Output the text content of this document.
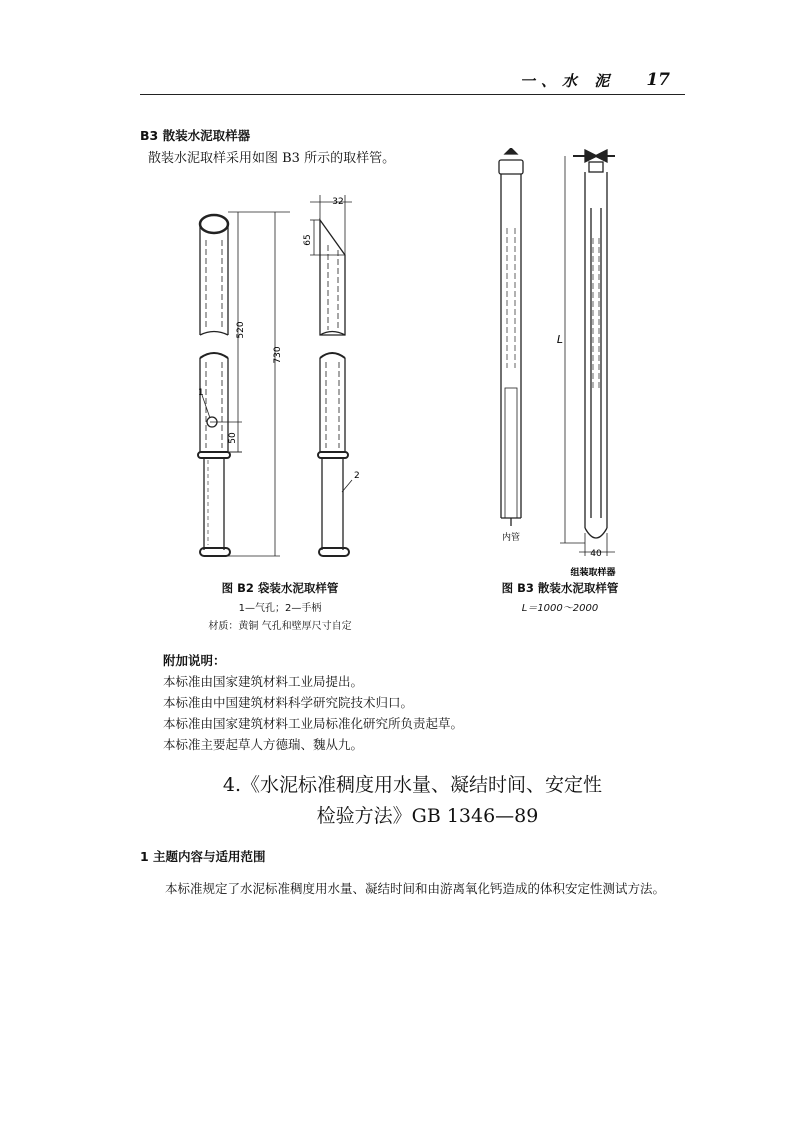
一、水 泥 17
B3 散装水泥取样器
散装水泥取样采用如图 B3 所示的取样管。
32
65
520
730
50
1
2
L
40
内管
组装取样器
图 B2 袋装水泥取样管
1—气孔；2—手柄
材质：黄铜 气孔和壁厚尺寸自定
图 B3 散装水泥取样管
L＝1000～2000
附加说明：
本标准由国家建筑材料工业局提出。
本标准由中国建筑材料科学研究院技术归口。
本标准由国家建筑材料工业局标准化研究所负责起草。
本标准主要起草人方德瑞、魏从九。
4.《水泥标准稠度用水量、凝结时间、安定性
检验方法》GB 1346—89
1 主题内容与适用范围
本标准规定了水泥标准稠度用水量、凝结时间和由游离氧化钙造成的体积安定性测试方法。
